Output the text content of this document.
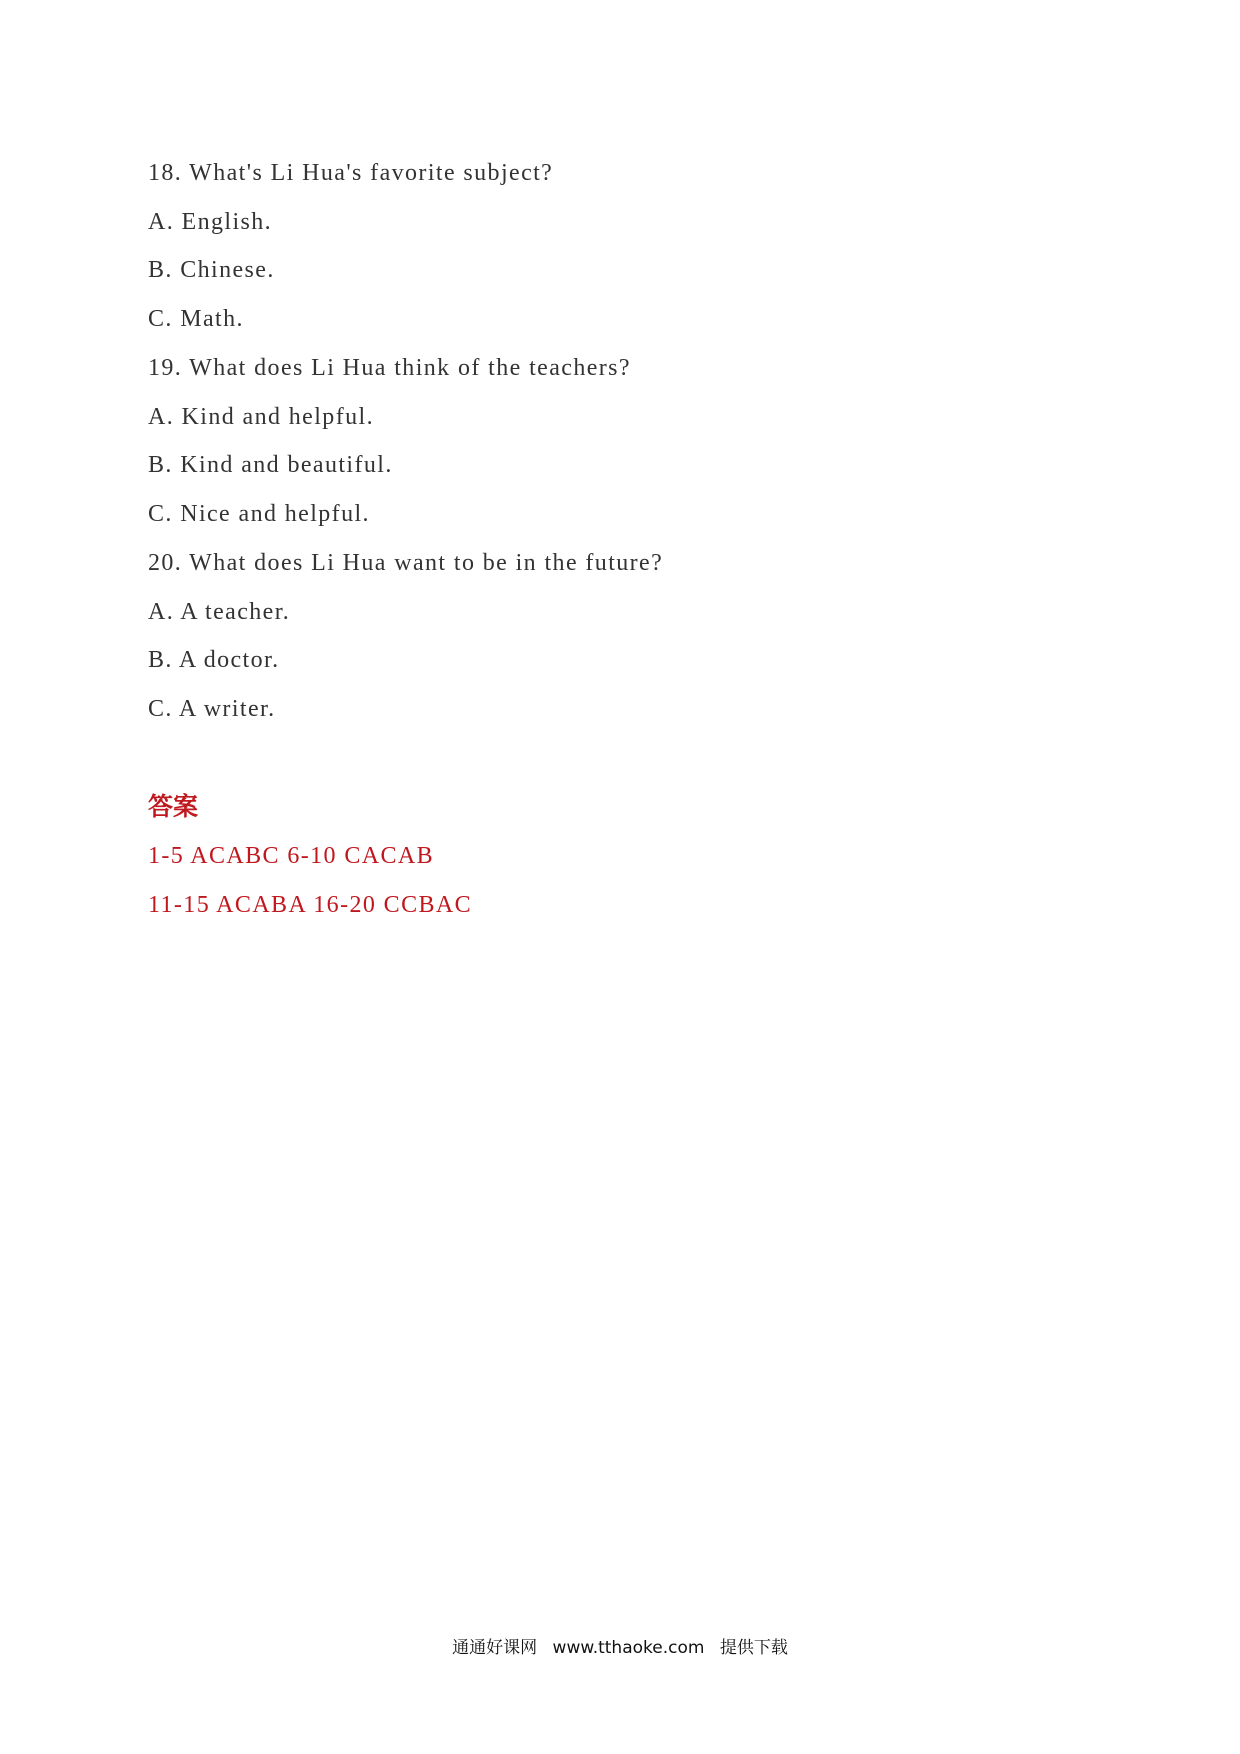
18. What's Li Hua's favorite subject?
A. English.
B. Chinese.
C. Math.
19. What does Li Hua think of the teachers?
A. Kind and helpful.
B. Kind and beautiful.
C. Nice and helpful.
20. What does Li Hua want to be in the future?
A. A teacher.
B. A doctor.
C. A writer.
答案
1-5 ACABC 6-10 CACAB
11-15 ACABA 16-20 CCBAC
通通好课网 www.tthaoke.com 提供下载
